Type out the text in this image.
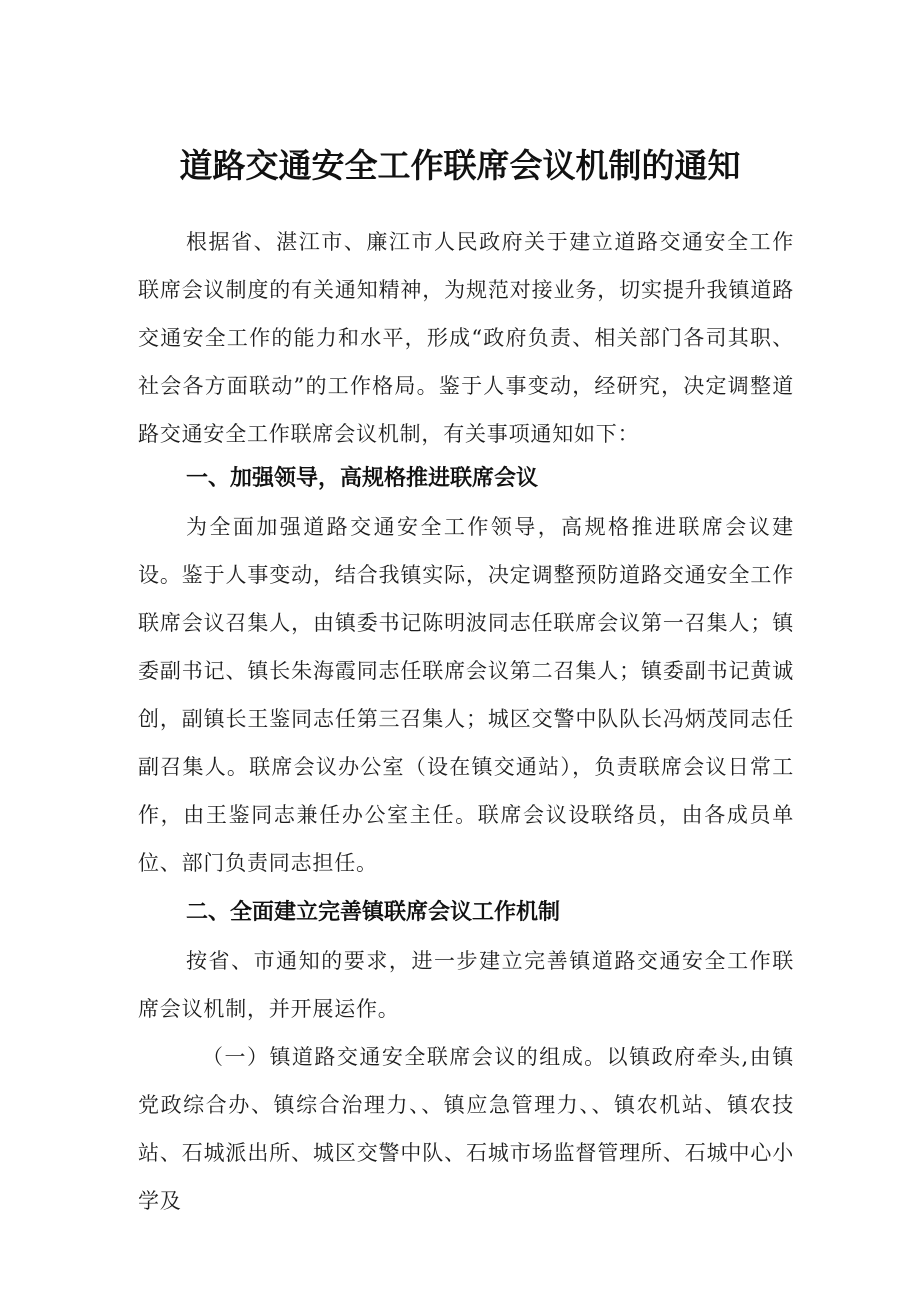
道路交通安全工作联席会议机制的通知

根据省、湛江市、廉江市人民政府关于建立道路交通安全工作联席会议制度的有关通知精神，为规范对接业务，切实提升我镇道路交通安全工作的能力和水平，形成“政府负责、相关部门各司其职、社会各方面联动”的工作格局。鉴于人事变动，经研究，决定调整道路交通安全工作联席会议机制，有关事项通知如下：

一、加强领导，高规格推进联席会议

为全面加强道路交通安全工作领导，高规格推进联席会议建设。鉴于人事变动，结合我镇实际，决定调整预防道路交通安全工作联席会议召集人，由镇委书记陈明波同志任联席会议第一召集人；镇委副书记、镇长朱海霞同志任联席会议第二召集人；镇委副书记黄诚创，副镇长王鉴同志任第三召集人；城区交警中队队长冯炳茂同志任副召集人。联席会议办公室（设在镇交通站），负责联席会议日常工作，由王鉴同志兼任办公室主任。联席会议设联络员，由各成员单位、部门负责同志担任。

二、全面建立完善镇联席会议工作机制

按省、市通知的要求，进一步建立完善镇道路交通安全工作联席会议机制，并开展运作。

（一）镇道路交通安全联席会议的组成。以镇政府牵头,由镇党政综合办、镇综合治理力、、镇应急管理力、、镇农机站、镇农技站、石城派出所、城区交警中队、石城市场监督管理所、石城中心小学及
